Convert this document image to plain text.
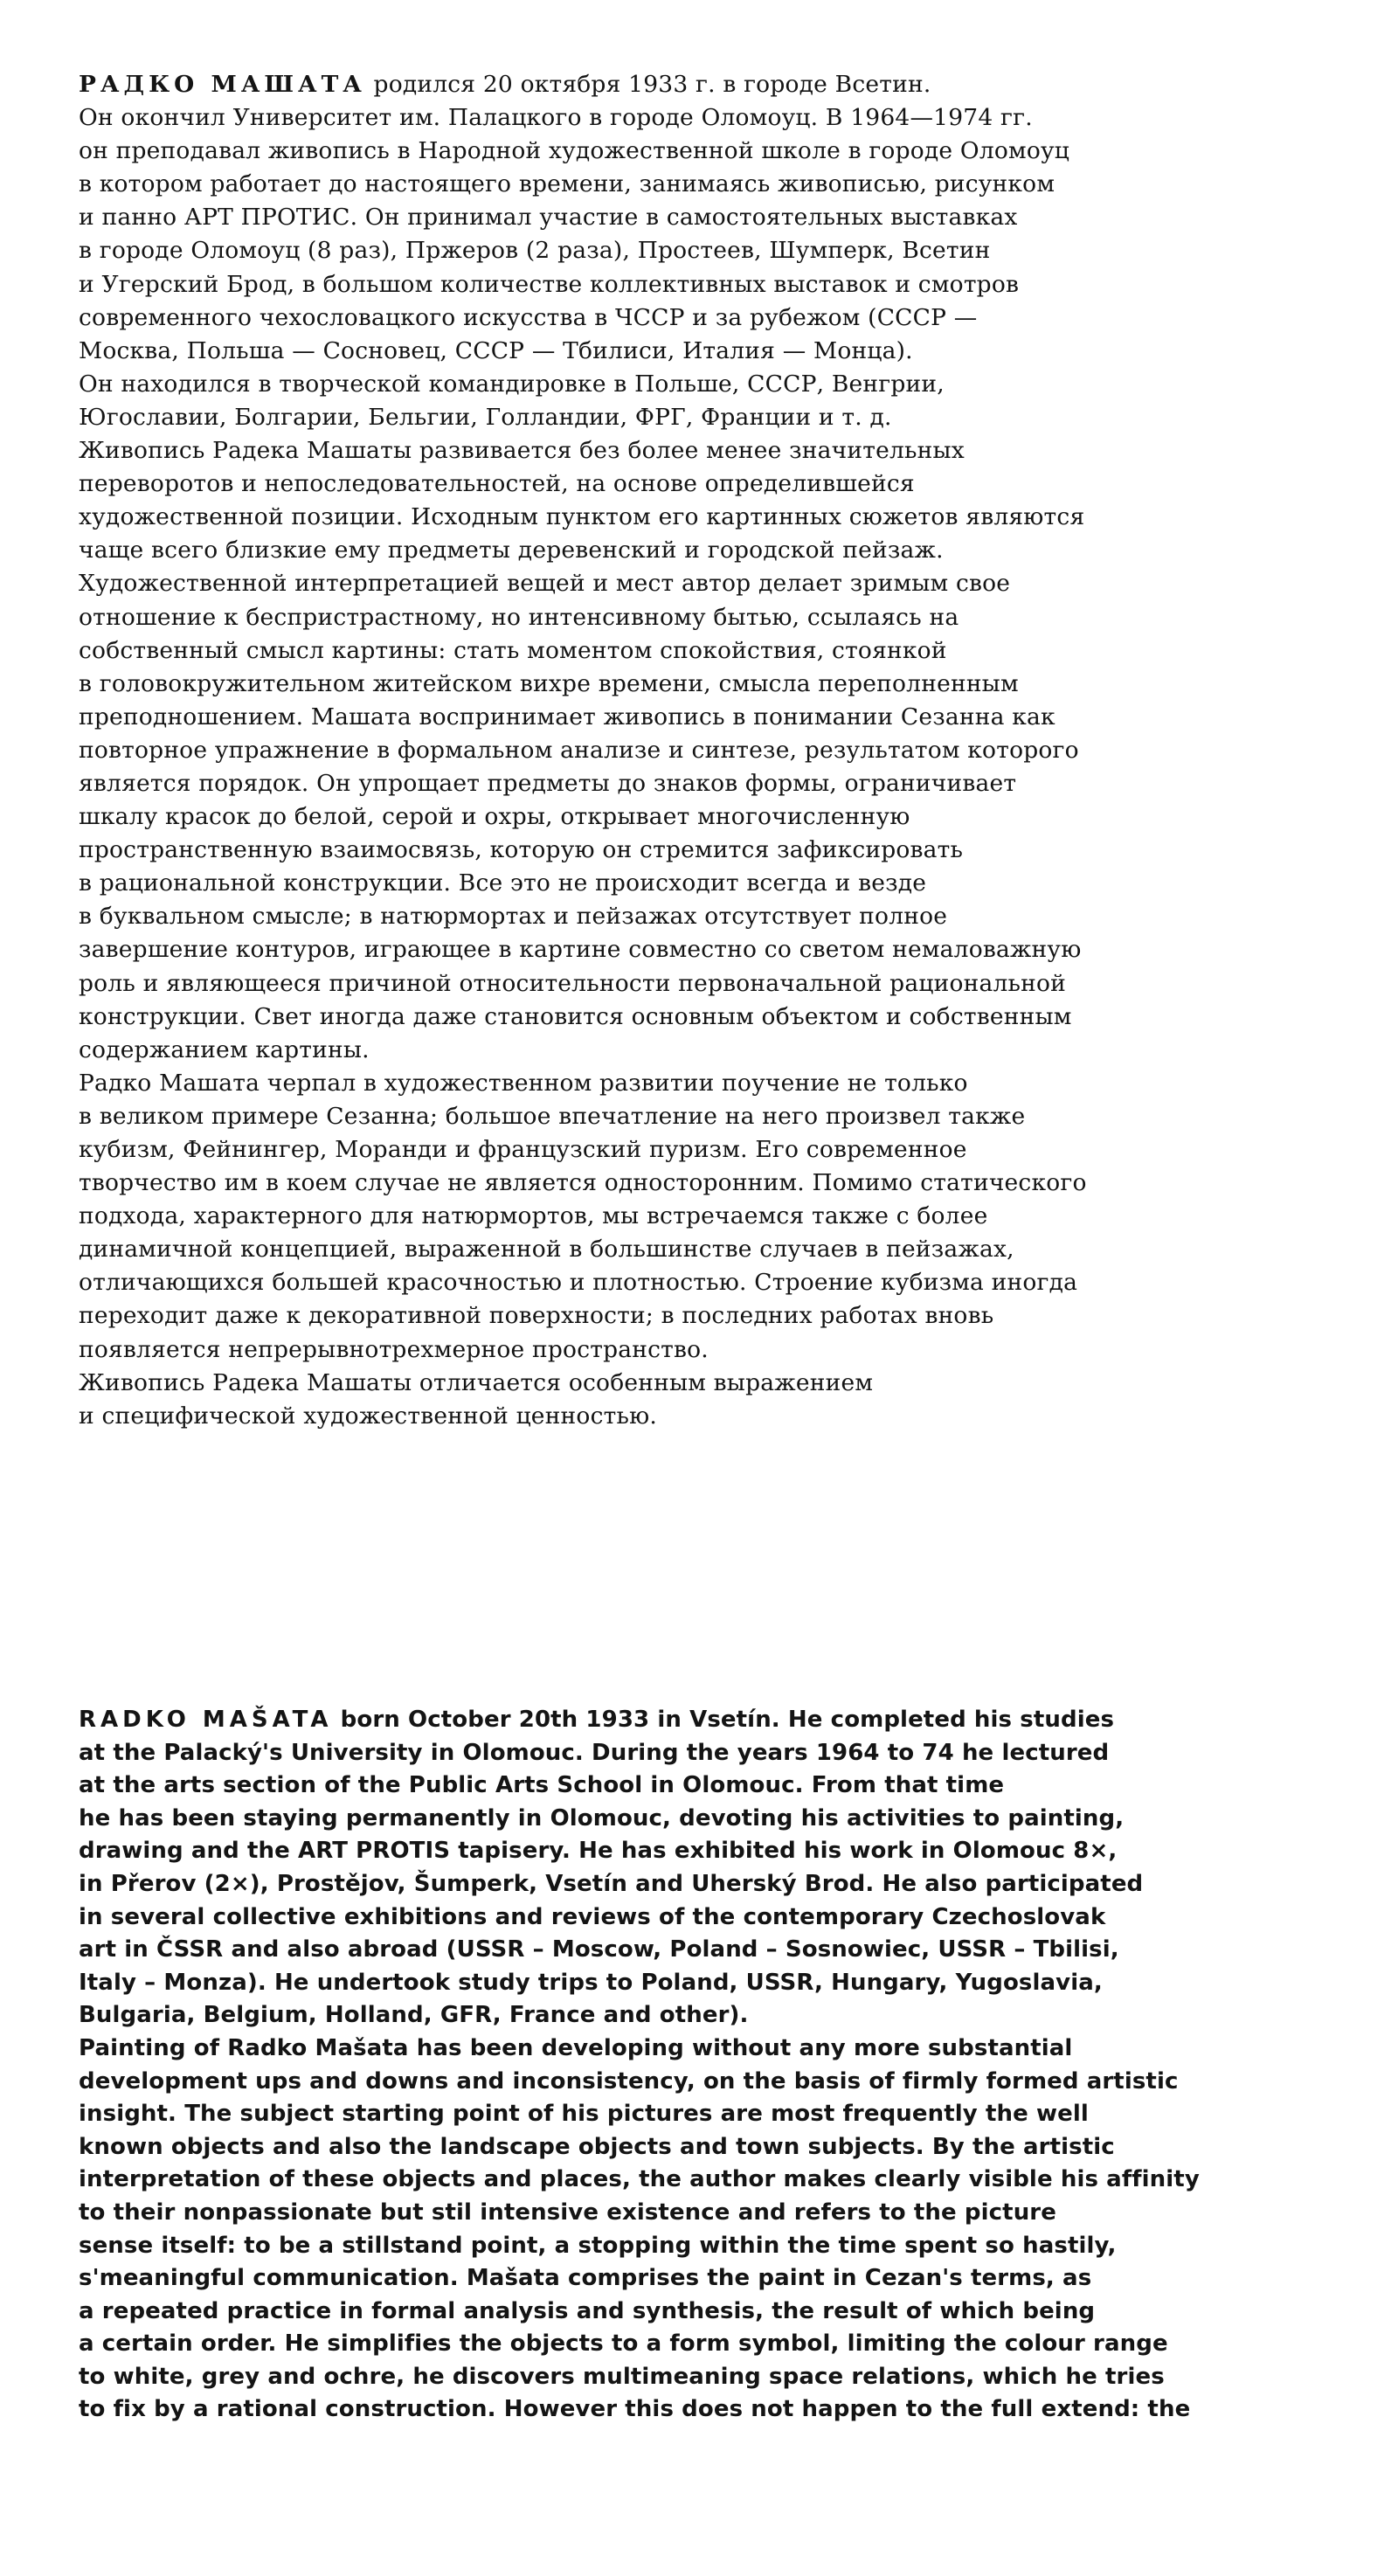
РАДКО МАШАТА родился 20 октября 1933 г. в городе Всетин.
Он окончил Университет им. Палацкого в городе Оломоуц. В 1964—1974 гг.
он преподавал живопись в Народной художественной школе в городе Оломоуц
в котором работает до настоящего времени, занимаясь живописью, рисунком
и панно АРТ ПРОТИС. Он принимал участие в самостоятельных выставках
в городе Оломоуц (8 раз), Пржеров (2 раза), Простеев, Шумперк, Всетин
и Угерский Брод, в большом количестве коллективных выставок и смотров
современного чехословацкого искусства в ЧССР и за рубежом (СССР —
Москва, Польша — Сосновец, СССР — Тбилиси, Италия — Монца).
Он находился в творческой командировке в Польше, СССР, Венгрии,
Югославии, Болгарии, Бельгии, Голландии, ФРГ, Франции и т. д.
Живопись Радека Машаты развивается без более менее значительных
переворотов и непоследовательностей, на основе определившейся
художественной позиции. Исходным пунктом его картинных сюжетов являются
чаще всего близкие ему предметы деревенский и городской пейзаж.
Художественной интерпретацией вещей и мест автор делает зримым свое
отношение к беспристрастному, но интенсивному бытью, ссылаясь на
собственный смысл картины: стать моментом спокойствия, стоянкой
в головокружительном житейском вихре времени, смысла переполненным
преподношением. Машата воспринимает живопись в понимании Сезанна как
повторное упражнение в формальном анализе и синтезе, результатом которого
является порядок. Он упрощает предметы до знаков формы, ограничивает
шкалу красок до белой, серой и охры, открывает многочисленную
пространственную взаимосвязь, которую он стремится зафиксировать
в рациональной конструкции. Все это не происходит всегда и везде
в буквальном смысле; в натюрмортах и пейзажах отсутствует полное
завершение контуров, играющее в картине совместно со светом немаловажную
роль и являющееся причиной относительности первоначальной рациональной
конструкции. Свет иногда даже становится основным объектом и собственным
содержанием картины.
Радко Машата черпал в художественном развитии поучение не только
в великом примере Сезанна; большое впечатление на него произвел также
кубизм, Фейнингер, Моранди и французский пуризм. Его современное
творчество им в коем случае не является односторонним. Помимо статического
подхода, характерного для натюрмортов, мы встречаемся также с более
динамичной концепцией, выраженной в большинстве случаев в пейзажах,
отличающихся большей красочностью и плотностью. Строение кубизма иногда
переходит даже к декоративной поверхности; в последних работах вновь
появляется непрерывнотрехмерное пространство.
Живопись Радека Машаты отличается особенным выражением
и специфической художественной ценностью.
RADKO MAŠATA born October 20th 1933 in Vsetín. He completed his studies
at the Palacký's University in Olomouc. During the years 1964 to 74 he lectured
at the arts section of the Public Arts School in Olomouc. From that time
he has been staying permanently in Olomouc, devoting his activities to painting,
drawing and the ART PROTIS tapisery. He has exhibited his work in Olomouc 8×,
in Přerov (2×), Prostějov, Šumperk, Vsetín and Uherský Brod. He also participated
in several collective exhibitions and reviews of the contemporary Czechoslovak
art in ČSSR and also abroad (USSR – Moscow, Poland – Sosnowiec, USSR – Tbilisi,
Italy – Monza). He undertook study trips to Poland, USSR, Hungary, Yugoslavia,
Bulgaria, Belgium, Holland, GFR, France and other).
Painting of Radko Mašata has been developing without any more substantial
development ups and downs and inconsistency, on the basis of firmly formed artistic
insight. The subject starting point of his pictures are most frequently the well
known objects and also the landscape objects and town subjects. By the artistic
interpretation of these objects and places, the author makes clearly visible his affinity
to their nonpassionate but stil intensive existence and refers to the picture
sense itself: to be a stillstand point, a stopping within the time spent so hastily,
s'meaningful communication. Mašata comprises the paint in Cezan's terms, as
a repeated practice in formal analysis and synthesis, the result of which being
a certain order. He simplifies the objects to a form symbol, limiting the colour range
to white, grey and ochre, he discovers multimeaning space relations, which he tries
to fix by a rational construction. However this does not happen to the full extend: the
